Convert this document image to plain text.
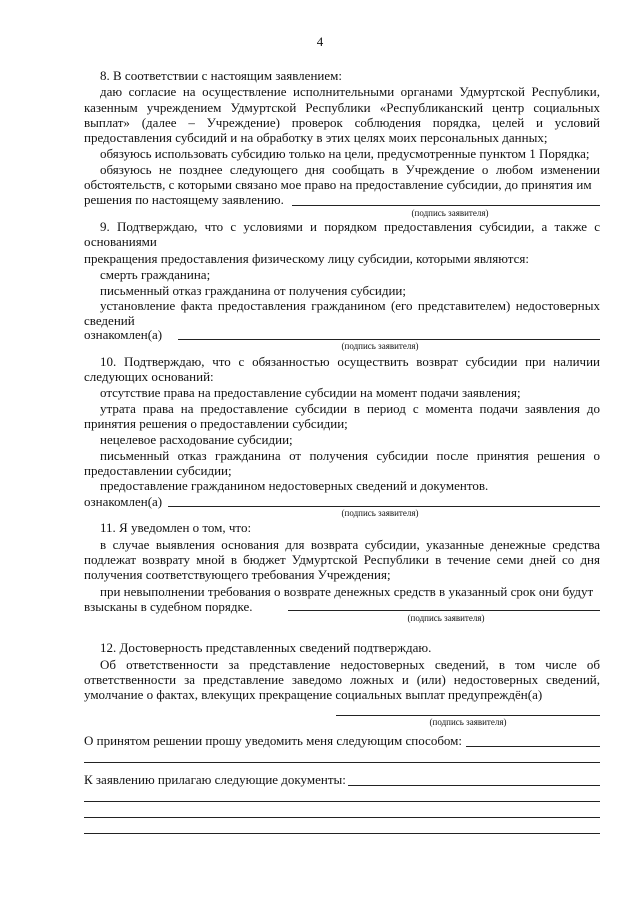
4
8. В соответствии с настоящим заявлением:
даю согласие на осуществление исполнительными органами Удмуртской Республики,
казенным учреждением Удмуртской Республики «Республиканский центр социальных
выплат» (далее – Учреждение) проверок соблюдения порядка, целей и условий
предоставления субсидий и на обработку в этих целях моих персональных данных;
обязуюсь использовать субсидию только на цели, предусмотренные пунктом 1 Порядка;
обязуюсь не позднее следующего дня сообщать в Учреждение о любом изменении
обстоятельств, с которыми связано мое право на предоставление субсидии, до принятия им
решения по настоящему заявлению.
(подпись заявителя)
9. Подтверждаю, что с условиями и порядком предоставления субсидии, а также с
основаниями
прекращения предоставления физическому лицу субсидии, которыми являются:
смерть гражданина;
письменный отказ гражданина от получения субсидии;
установление факта предоставления гражданином (его представителем) недостоверных
сведений
ознакомлен(а)
(подпись заявителя)
10. Подтверждаю, что с обязанностью осуществить возврат субсидии при наличии
следующих оснований:
отсутствие права на предоставление субсидии на момент подачи заявления;
утрата права на предоставление субсидии в период с момента подачи заявления до
принятия решения о предоставлении субсидии;
нецелевое расходование субсидии;
письменный отказ гражданина от получения субсидии после принятия решения о
предоставлении субсидии;
предоставление гражданином недостоверных сведений и документов.
ознакомлен(а)
(подпись заявителя)
11. Я уведомлен о том, что:
в случае выявления основания для возврата субсидии, указанные денежные средства
подлежат возврату мной в бюджет Удмуртской Республики в течение семи дней со дня
получения соответствующего требования Учреждения;
при невыполнении требования о возврате денежных средств в указанный срок они будут
взысканы в судебном порядке.
(подпись заявителя)
12. Достоверность представленных сведений подтверждаю.
Об ответственности за представление недостоверных сведений, в том числе об
ответственности за представление заведомо ложных и (или) недостоверных сведений,
умолчание о фактах, влекущих прекращение социальных выплат предупреждён(а)
(подпись заявителя)
О принятом решении прошу уведомить меня следующим способом:
К заявлению прилагаю следующие документы:
